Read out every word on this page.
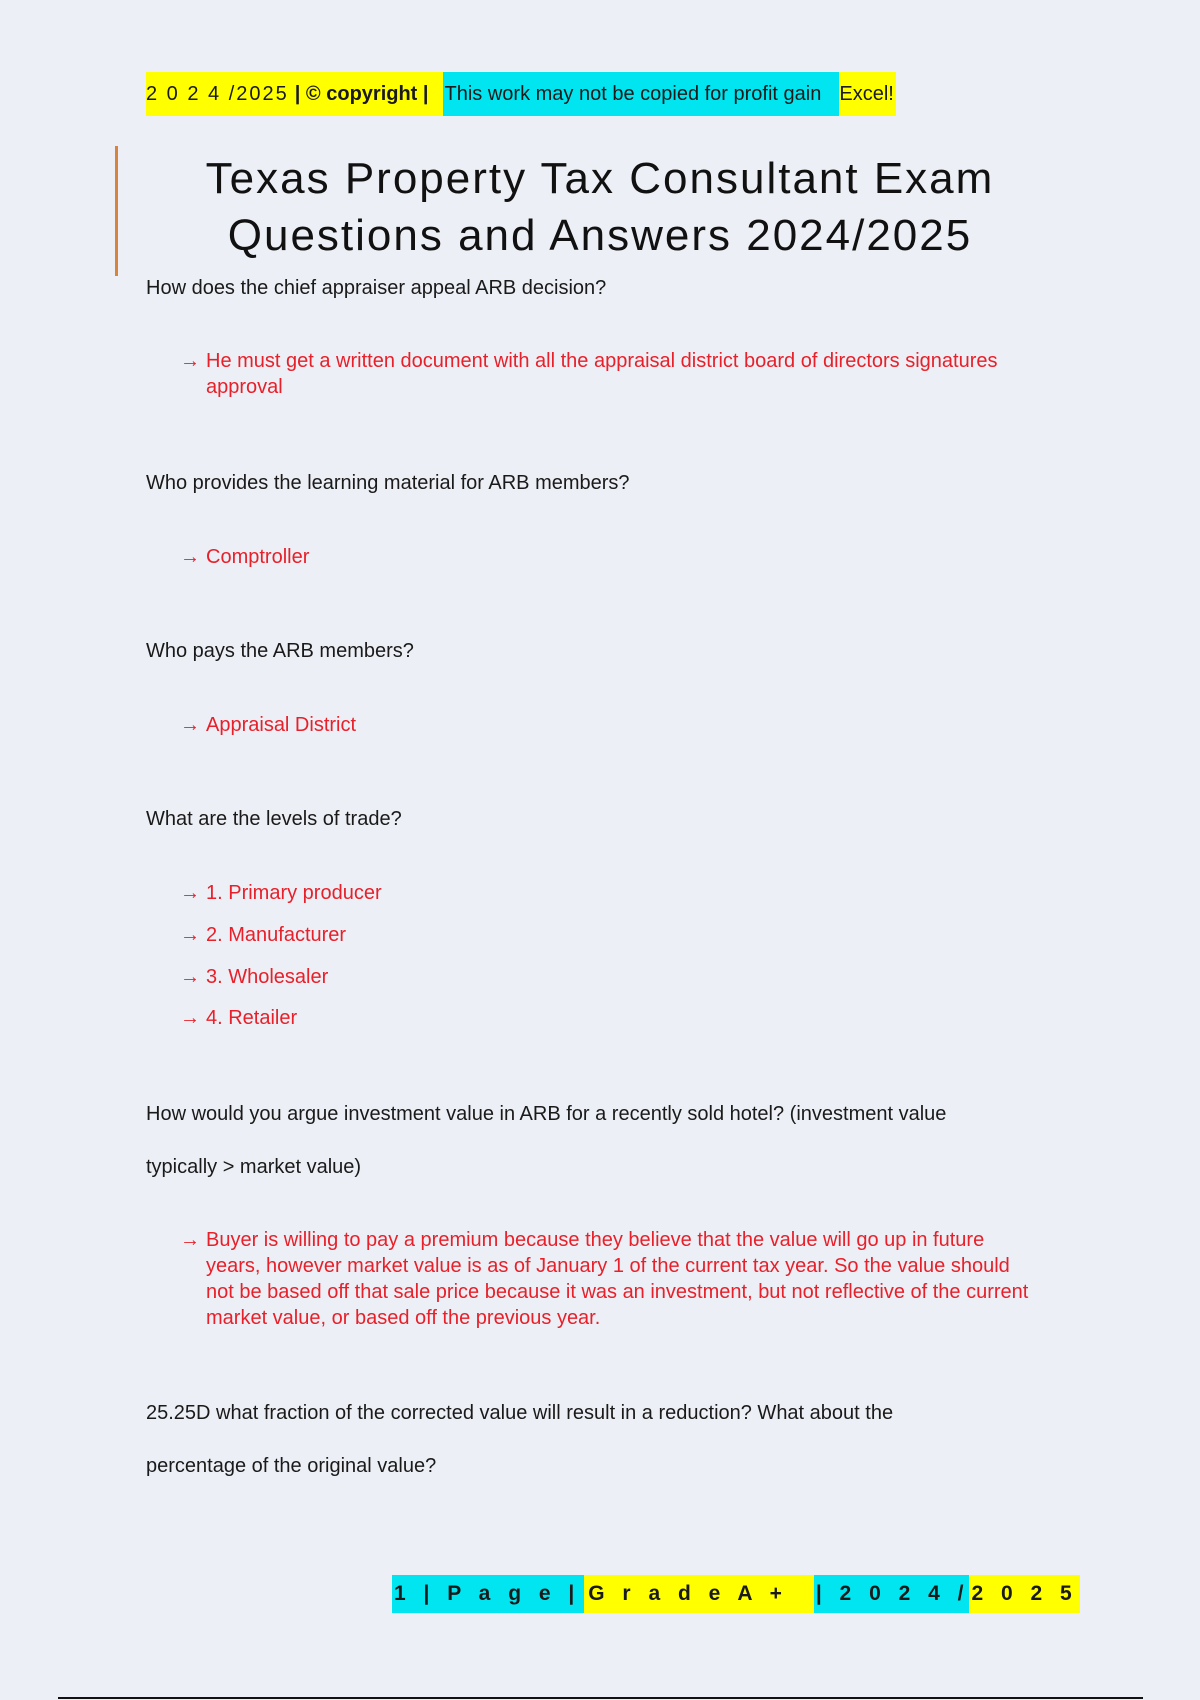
2 0 2 4 /2025 | © copyright | This work may not be copied for profit gain Excel!
Texas Property Tax Consultant Exam
Questions and Answers 2024/2025
How does the chief appraiser appeal ARB decision?
→ He must get a written document with all the appraisal district board of directors signatures approval
Who provides the learning material for ARB members?
→ Comptroller
Who pays the ARB members?
→ Appraisal District
What are the levels of trade?
→ 1. Primary producer
→ 2. Manufacturer
→ 3. Wholesaler
→ 4. Retailer
How would you argue investment value in ARB for a recently sold hotel? (investment value
typically > market value)
→ Buyer is willing to pay a premium because they believe that the value will go up in future years, however market value is as of January 1 of the current tax year. So the value should not be based off that sale price because it was an investment, but not reflective of the current market value, or based off the previous year.
25.25D what fraction of the corrected value will result in a reduction? What about the
percentage of the original value?
1 | P a g e | G r a d e A +	| 2 0 2 4 / 2 0 2 5
